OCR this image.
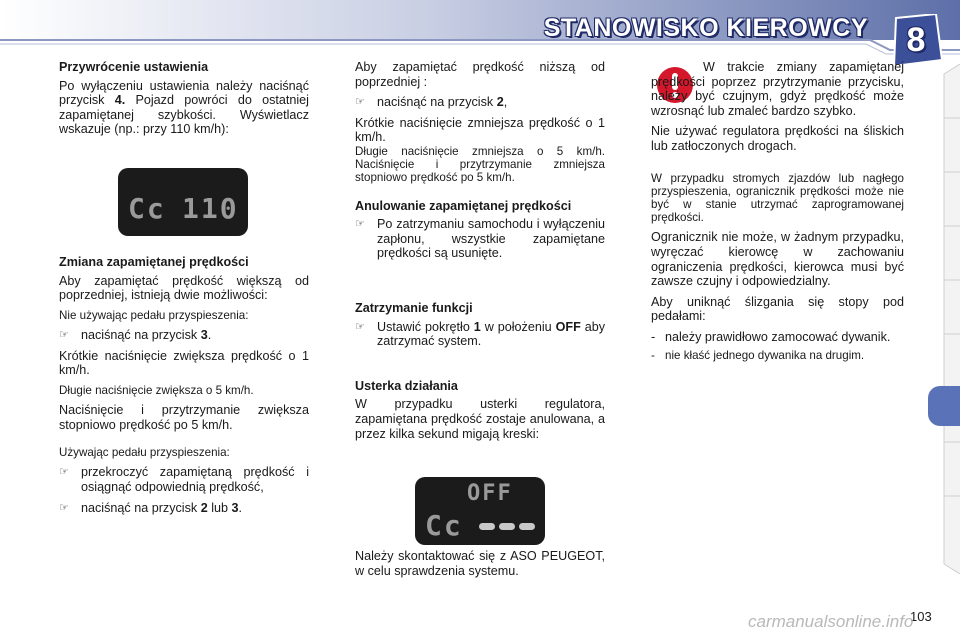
STANOWISKO KIEROWCY	8

Przywrócenie ustawienia

Po wyłączeniu ustawienia należy naciśnąć przycisk 4. Pojazd powróci do ostatniej zapamiętanej szybkości. Wyświetlacz wskazuje (np.: przy 110 km/h):

Zmiana zapamiętanej prędkości

Aby zapamiętać prędkość większą od poprzedniej, istnieją dwie możliwości:

Nie używając pedału przyspieszenia:

☞ naciśnąć na przycisk 3.

Krótkie naciśnięcie zwiększa prędkość o 1 km/h.

Długie naciśnięcie zwiększa o 5 km/h.

Naciśnięcie i przytrzymanie zwiększa stopniowo prędkość po 5 km/h.

Używając pedału przyspieszenia:

☞ przekroczyć zapamiętaną prędkość i osiągnąć odpowiednią prędkość,
☞ naciśnąć na przycisk 2 lub 3.
Cc 110

Aby zapamiętać prędkość niższą od poprzedniej :

☞ naciśnąć na przycisk 2,

Krótkie naciśnięcie zmniejsza prędkość o 1 km/h.

Długie naciśnięcie zmniejsza o 5 km/h. Naciśnięcie i przytrzymanie zmniejsza stopniowo prędkość po 5 km/h.

Anulowanie zapamiętanej prędkości

☞ Po zatrzymaniu samochodu i wyłączeniu zapłonu, wszystkie zapamiętane prędkości są usunięte.

Zatrzymanie funkcji

☞ Ustawić pokrętło 1 w położeniu OFF aby zatrzymać system.

Usterka działania

W przypadku usterki regulatora, zapamiętana prędkość zostaje anulowana, a przez kilka sekund migają kreski:

Należy skontaktować się z ASO PEUGEOT, w celu sprawdzenia systemu.

OFF
Cc

W trakcie zmiany zapamiętanej prędkości poprzez przytrzymanie przycisku, należy być czujnym, gdyż prędkość może wzrosnąć lub zmaleć bardzo szybko.

Nie używać regulatora prędkości na śliskich lub zatłoczonych drogach.

W przypadku stromych zjazdów lub nagłego przyspieszenia, ogranicznik prędkości może nie być w stanie utrzymać zaprogramowanej prędkości.

Ogranicznik nie może, w żadnym przypadku, wyręczać kierowcę w zachowaniu ograniczenia prędkości, kierowca musi być zawsze czujny i odpowiedzialny.

Aby uniknąć ślizgania się stopy pod pedałami:

- należy prawidłowo zamocować dywanik.
- nie kłaść jednego dywanika na drugim.
103
carmanualsonline.info
